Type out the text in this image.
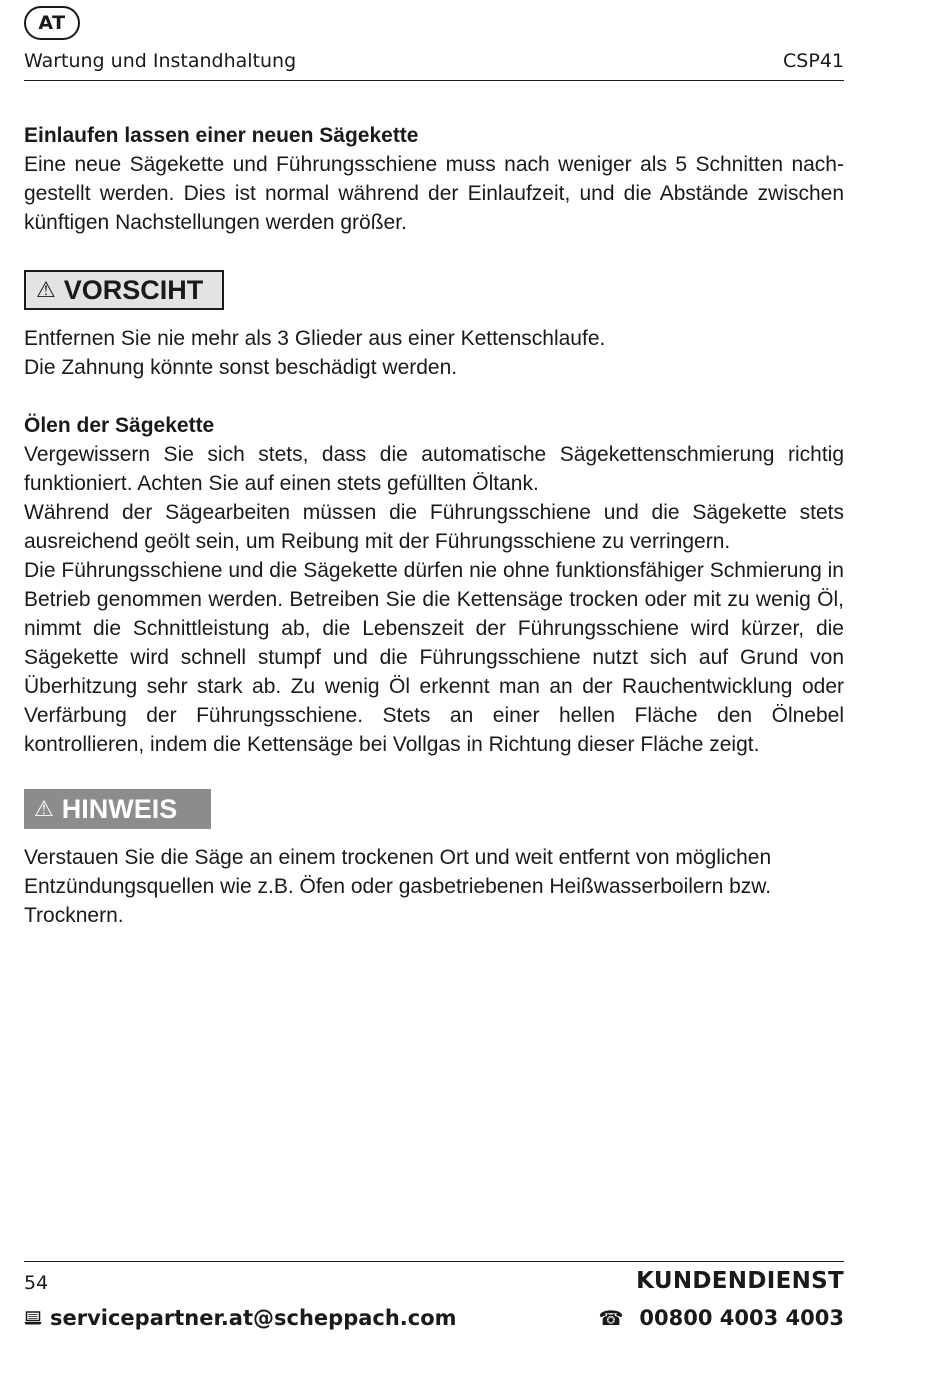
AT
Wartung und Instandhaltung	CSP41

Einlaufen lassen einer neuen Sägekette

Eine neue Sägekette und Führungsschiene muss nach weniger als 5 Schnitten nachgestellt werden. Dies ist normal während der Einlaufzeit, und die Abstände zwischen künftigen Nachstellungen werden größer.

⚠ VORSCIHT

Entfernen Sie nie mehr als 3 Glieder aus einer Kettenschlaufe.

Die Zahnung könnte sonst beschädigt werden.

Ölen der Sägekette

Vergewissern Sie sich stets, dass die automatische Sägekettenschmierung richtig funktioniert. Achten Sie auf einen stets gefüllten Öltank.

Während der Sägearbeiten müssen die Führungsschiene und die Sägekette stets ausreichend geölt sein, um Reibung mit der Führungsschiene zu verringern.

Die Führungsschiene und die Sägekette dürfen nie ohne funktionsfähiger Schmierung in Betrieb genommen werden. Betreiben Sie die Kettensäge trocken oder mit zu wenig Öl, nimmt die Schnittleistung ab, die Lebenszeit der Führungsschiene wird kürzer, die Sägekette wird schnell stumpf und die Führungsschiene nutzt sich auf Grund von Überhitzung sehr stark ab. Zu wenig Öl erkennt man an der Rauchentwicklung oder Verfärbung der Führungsschiene. Stets an einer hellen Fläche den Ölnebel kontrollieren, indem die Kettensäge bei Vollgas in Richtung dieser Fläche zeigt.

⚠ HINWEIS

Verstauen Sie die Säge an einem trockenen Ort und weit entfernt von möglichen Entzündungsquellen wie z.B. Öfen oder gasbetriebenen Heißwasserboilern bzw. Trocknern.

54	KUNDENDIENST
servicepartner.at@scheppach.com	☎ 00800 4003 4003
